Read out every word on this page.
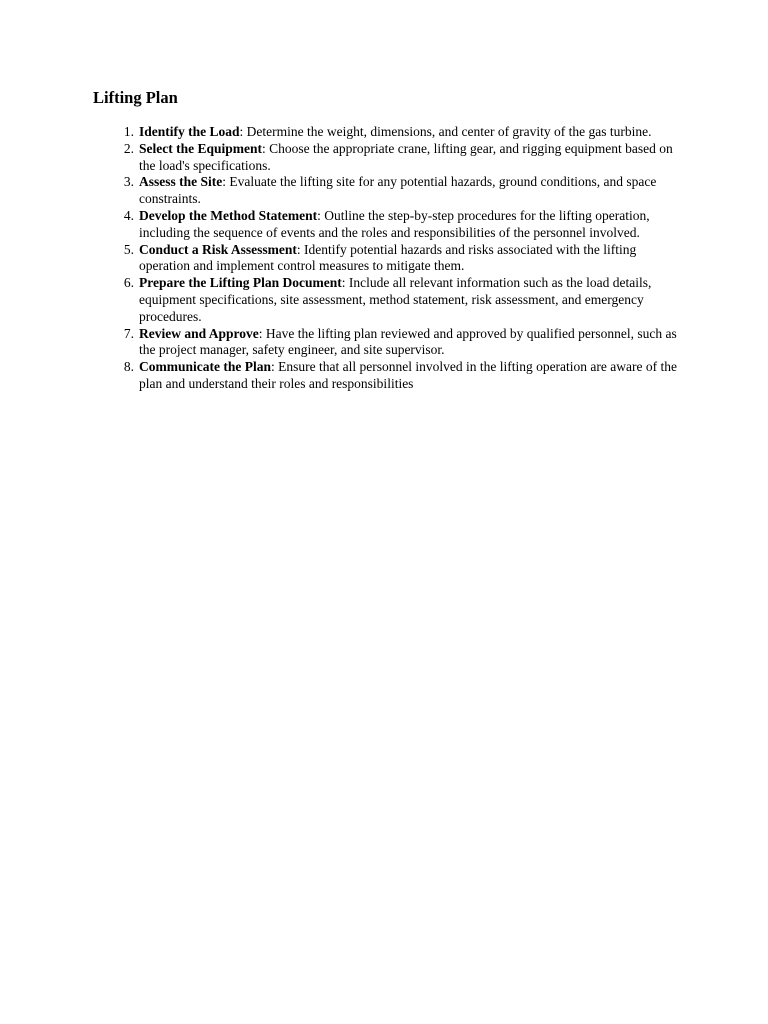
Lifting Plan
1. Identify the Load: Determine the weight, dimensions, and center of gravity of the gas turbine.
2. Select the Equipment: Choose the appropriate crane, lifting gear, and rigging equipment based on the load's specifications.
3. Assess the Site: Evaluate the lifting site for any potential hazards, ground conditions, and space constraints.
4. Develop the Method Statement: Outline the step-by-step procedures for the lifting operation, including the sequence of events and the roles and responsibilities of the personnel involved.
5. Conduct a Risk Assessment: Identify potential hazards and risks associated with the lifting operation and implement control measures to mitigate them.
6. Prepare the Lifting Plan Document: Include all relevant information such as the load details, equipment specifications, site assessment, method statement, risk assessment, and emergency procedures.
7. Review and Approve: Have the lifting plan reviewed and approved by qualified personnel, such as the project manager, safety engineer, and site supervisor.
8. Communicate the Plan: Ensure that all personnel involved in the lifting operation are aware of the plan and understand their roles and responsibilities
